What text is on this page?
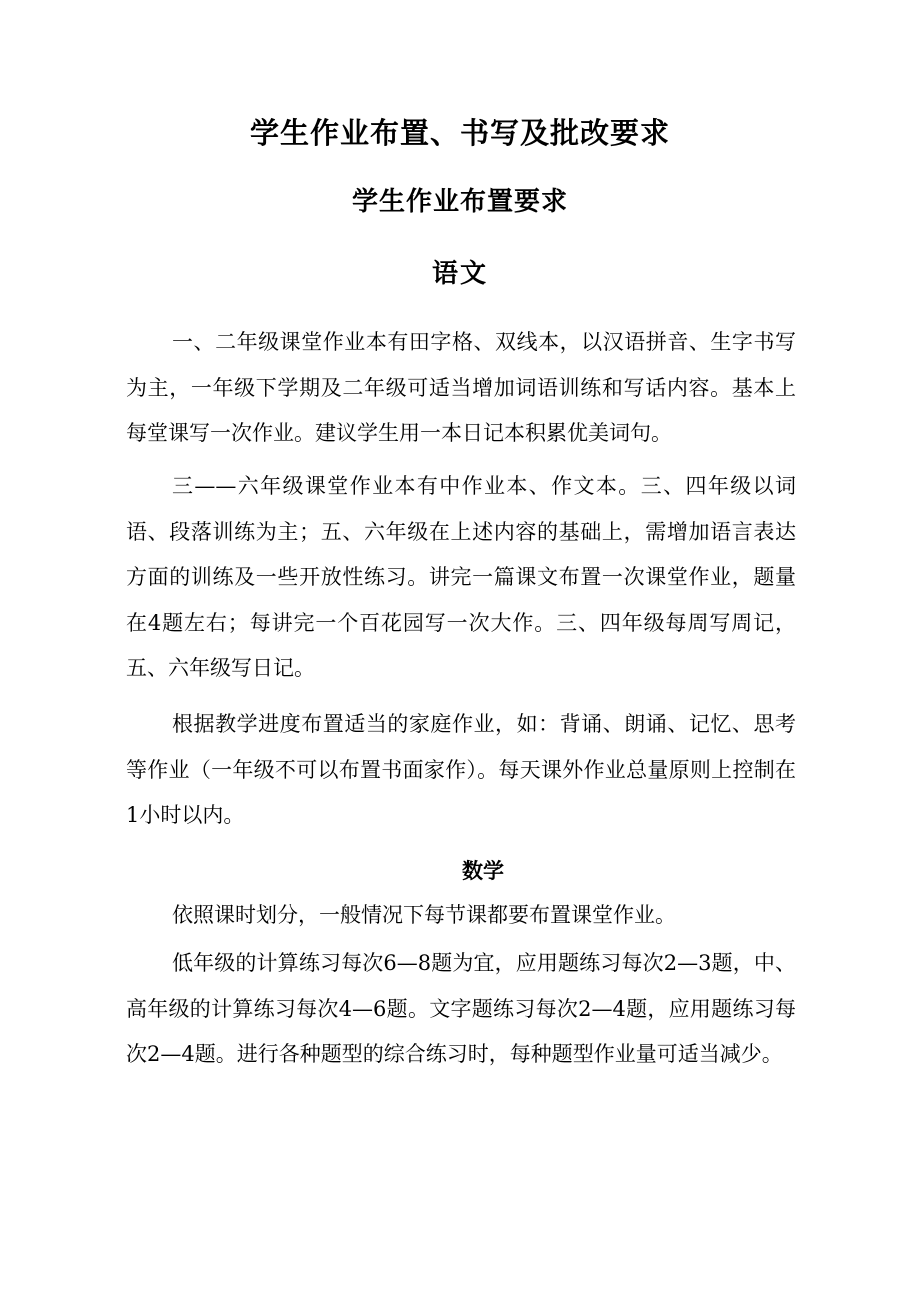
学生作业布置、书写及批改要求
学生作业布置要求
语文

一、二年级课堂作业本有田字格、双线本，以汉语拼音、生字书写为主，一年级下学期及二年级可适当增加词语训练和写话内容。基本上每堂课写一次作业。建议学生用一本日记本积累优美词句。

三——六年级课堂作业本有中作业本、作文本。三、四年级以词语、段落训练为主；五、六年级在上述内容的基础上，需增加语言表达方面的训练及一些开放性练习。讲完一篇课文布置一次课堂作业，题量在4题左右；每讲完一个百花园写一次大作。三、四年级每周写周记，五、六年级写日记。

根据教学进度布置适当的家庭作业，如：背诵、朗诵、记忆、思考等作业（一年级不可以布置书面家作）。每天课外作业总量原则上控制在1小时以内。

数学

依照课时划分，一般情况下每节课都要布置课堂作业。

低年级的计算练习每次6—8题为宜，应用题练习每次2—3题，中、高年级的计算练习每次4—6题。文字题练习每次2—4题，应用题练习每次2—4题。进行各种题型的综合练习时，每种题型作业量可适当减少。
